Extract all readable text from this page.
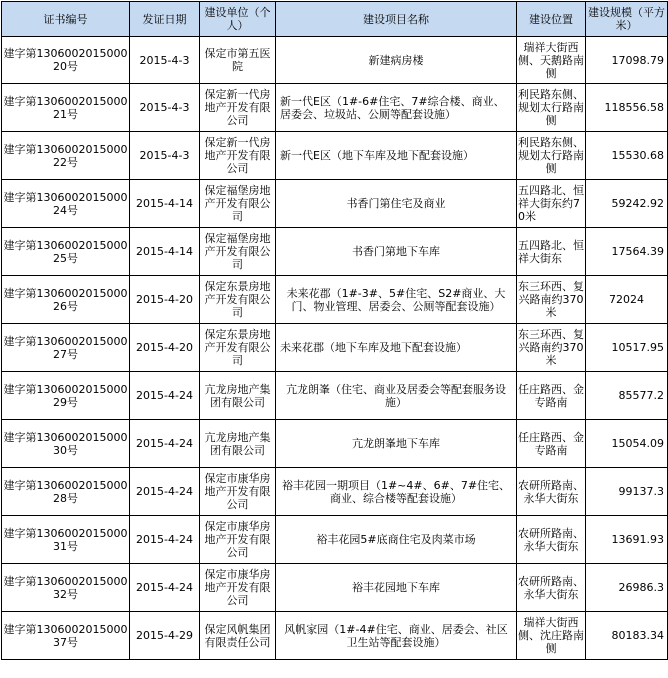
证书编号	发证日期	建设单位（个人）	建设项目名称	建设位置	建设规模（平方米）
建字第130600201500020号	2015-4-3	保定市第五医院	新建病房楼	瑞祥大街西侧、天鹅路南侧	17098.79
建字第130600201500021号	2015-4-3	保定新一代房地产开发有限公司	新一代E区（1#-6#住宅、7#综合楼、商业、居委会、垃圾站、公厕等配套设施）	利民路东侧、规划太行路南侧	118556.58
建字第130600201500022号	2015-4-3	保定新一代房地产开发有限公司	新一代E区（地下车库及地下配套设施）	利民路东侧、规划太行路南侧	15530.68
建字第130600201500024号	2015-4-14	保定福堡房地产开发有限公司	书香门第住宅及商业	五四路北、恒祥大街东约70米	59242.92
建字第130600201500025号	2015-4-14	保定福堡房地产开发有限公司	书香门第地下车库	五四路北、恒祥大街东	17564.39
建字第130600201500026号	2015-4-20	保定东景房地产开发有限公司	未来花郡（1#-3#、5#住宅、S2#商业、大门、物业管理、居委会、公厕等配套设施）	东三环西、复兴路南约370米	72024
建字第130600201500027号	2015-4-20	保定东景房地产开发有限公司	未来花郡（地下车库及地下配套设施）	东三环西、复兴路南约370米	10517.95
建字第130600201500029号	2015-4-24	亢龙房地产集团有限公司	亢龙朗峯（住宅、商业及居委会等配套服务设施）	任庄路西、金专路南	85577.2
建字第130600201500030号	2015-4-24	亢龙房地产集团有限公司	亢龙朗峯地下车库	任庄路西、金专路南	15054.09
建字第130600201500028号	2015-4-24	保定市康华房地产开发有限公司	裕丰花园一期项目（1#~4#、6#、7#住宅、商业、综合楼等配套设施）	农研所路南、永华大街东	99137.3
建字第130600201500031号	2015-4-24	保定市康华房地产开发有限公司	裕丰花园5#底商住宅及肉菜市场	农研所路南、永华大街东	13691.93
建字第130600201500032号	2015-4-24	保定市康华房地产开发有限公司	裕丰花园地下车库	农研所路南、永华大街东	26986.3
建字第130600201500037号	2015-4-29	保定风帆集团有限责任公司	风帆家园（1#-4#住宅、商业、居委会、社区卫生站等配套设施）	瑞祥大街西侧、沈庄路南侧	80183.34
